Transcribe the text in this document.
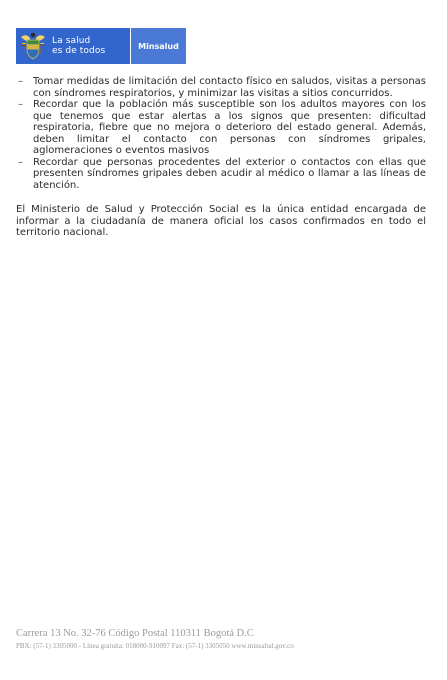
La salud
es de todos	Minsalud
– Tomar medidas de limitación del contacto físico en saludos, visitas a personas con síndromes respiratorios, y minimizar las visitas a sitios concurridos.
– Recordar que la población más susceptible son los adultos mayores con los que tenemos que estar alertas a los signos que presenten: dificultad respiratoria, fiebre que no mejora o deterioro del estado general. Además, deben limitar el contacto con personas con síndromes gripales, aglomeraciones o eventos masivos
– Recordar que personas procedentes del exterior o contactos con ellas que presenten síndromes gripales deben acudir al médico o llamar a las líneas de atención.

El Ministerio de Salud y Protección Social es la única entidad encargada de informar a la ciudadanía de manera oficial los casos confirmados en todo el territorio nacional.

Carrera 13 No. 32-76 Código Postal 110311 Bogotá D.C
PBX: (57-1) 3305000 - Línea gratuita: 018000-910097 Fax: (57-1) 3305050 www.minsalud.gov.co
